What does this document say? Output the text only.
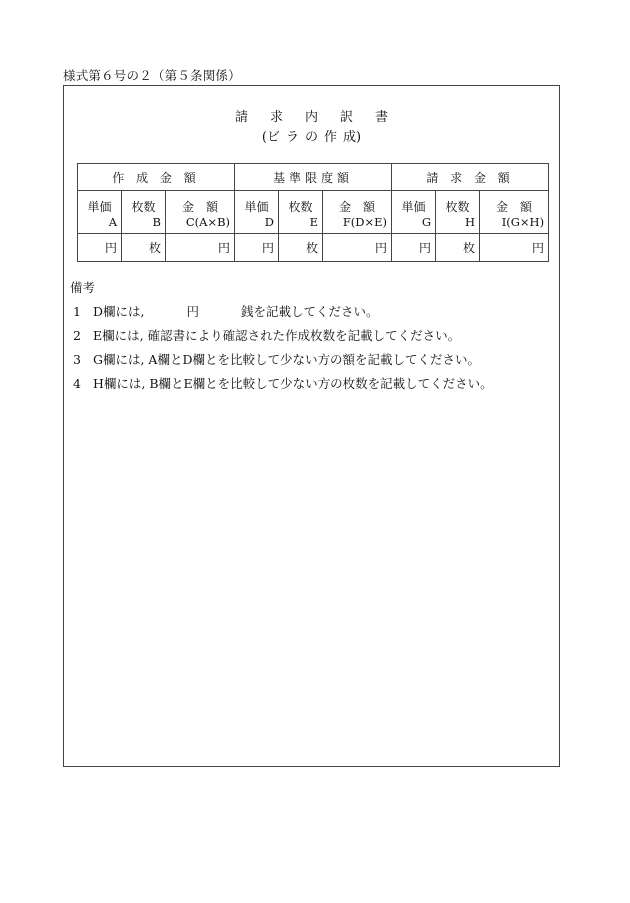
様式第６号の２（第５条関係）
請 求 内 訳 書
(ビ ラ の 作 成)
作 成 金 額			基準限度額			請 求 金 額		
単価	枚数	金　額	単価	枚数	金　額	単価	枚数	金　額
A	B	C(A×B)	D	E	F(D×E)	G	H	I(G×H)
円	枚	円	円	枚	円	円	枚	円
備考
1 D欄には,	円	銭を記載してください。
2 E欄には, 確認書により確認された作成枚数を記載してください。
3 G欄には, A欄とD欄とを比較して少ない方の額を記載してください。
4 H欄には, B欄とE欄とを比較して少ない方の枚数を記載してください。
